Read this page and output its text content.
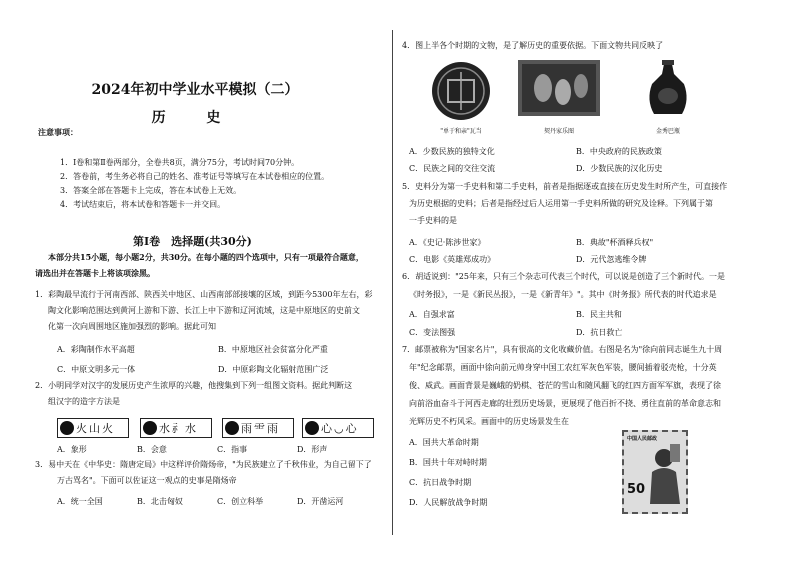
2024年初中学业水平模拟（二）
历 史
注意事项：
1．Ⅰ卷和第Ⅱ卷两部分，全卷共8页，满分75分，考试时间70分钟。
2．答卷前，考生务必将自己的姓名、准考证号等填写在本试卷相应的位置。
3．答案全部在答题卡上完成，答在本试卷上无效。
4．考试结束后，将本试卷和答题卡一并交回。
第Ⅰ卷　选择题(共30分)
本部分共15小题，每小题2分，共30分。在每小题的四个选项中，只有一项最符合题意，
请选出并在答题卡上将该项涂黑。
1．彩陶最早流行于河南西部、陕西关中地区、山西南部部接壤的区域，到距今5300年左右，彩
陶文化影响范围达到黄河上游和下游、长江上中下游和辽河流域，这是中原地区的史前文
化第一次向周围地区施加强烈的影响。据此可知
A．彩陶制作水平高超	B．中原地区社会贫富分化严重
C．中原文明多元一体	D．中原彩陶文化辐射范围广泛
2．小明同学对汉字的发展历史产生浓厚的兴趣，他搜集到下列一组图文资料。据此判断这
组汉字的造字方法是
火 山 火	水 ⺬ 水	雨 ⻗ 雨	心 ◡ 心
A．象形	B．会意	C．指事	D．形声
3．易中天在《中华史：隋唐定局》中这样评价隋炀帝，"为民族建立了千秋伟业，为自己留下了
万古骂名"。下面可以佐证这一观点的史事是隋炀帝
A．统一全国	B．北击匈奴	C．创立科举	D．开凿运河
4．图上半各个时期的文物，是了解历史的重要依据。下面文物共同反映了
"单于和亲"瓦当	契丹家乐图	金秀巴瓶
A．少数民族的独特文化	B．中央政府的民族政策
C．民族之间的交往交流	D．少数民族的汉化历史
5．史料分为第一手史料和第二手史料，前者是指据逐或直接在历史发生时所产生，可直接作
为历史根据的史料；后者是指经过后人运用第一手史料所做的研究及诠释。下列属于第
一手史料的是
A．《史记·陈涉世家》	B．典故"杯酒释兵权"
C．电影《英雄郑成功》	D．元代忽逃维令牌
6．胡适说到："25年来，只有三个杂志可代表三个时代，可以说是创造了三个新时代。一是
《时务报》，一是《新民丛报》，一是《新青年》"。其中《时务报》所代表的时代追求是
A．自强求富	B．民主共和
C．变法图强	D．抗日救亡
7．邮票被称为"国家名片"，具有很高的文化收藏价值。右图是名为"徐向前同志诞生九十周
年"纪念邮票，画面中徐向前元帅身穿中国工农红军灰色军装，腰间插着驳壳枪，十分英
俊、威武。画面背景是巍峨的奶棋、苍茫的雪山和随风翻飞的红四方面军军旗，表现了徐
向前浴血奋斗于河西走廊的壮烈历史场景，更展现了他百折不挠、勇往直前的革命意志和
光辉历史不朽风采。画面中的历史场景发生在
A．国共大革命时期
B．国共十年对峙时期
C．抗日战争时期
D．人民解放战争时期
中国人民邮政
50
